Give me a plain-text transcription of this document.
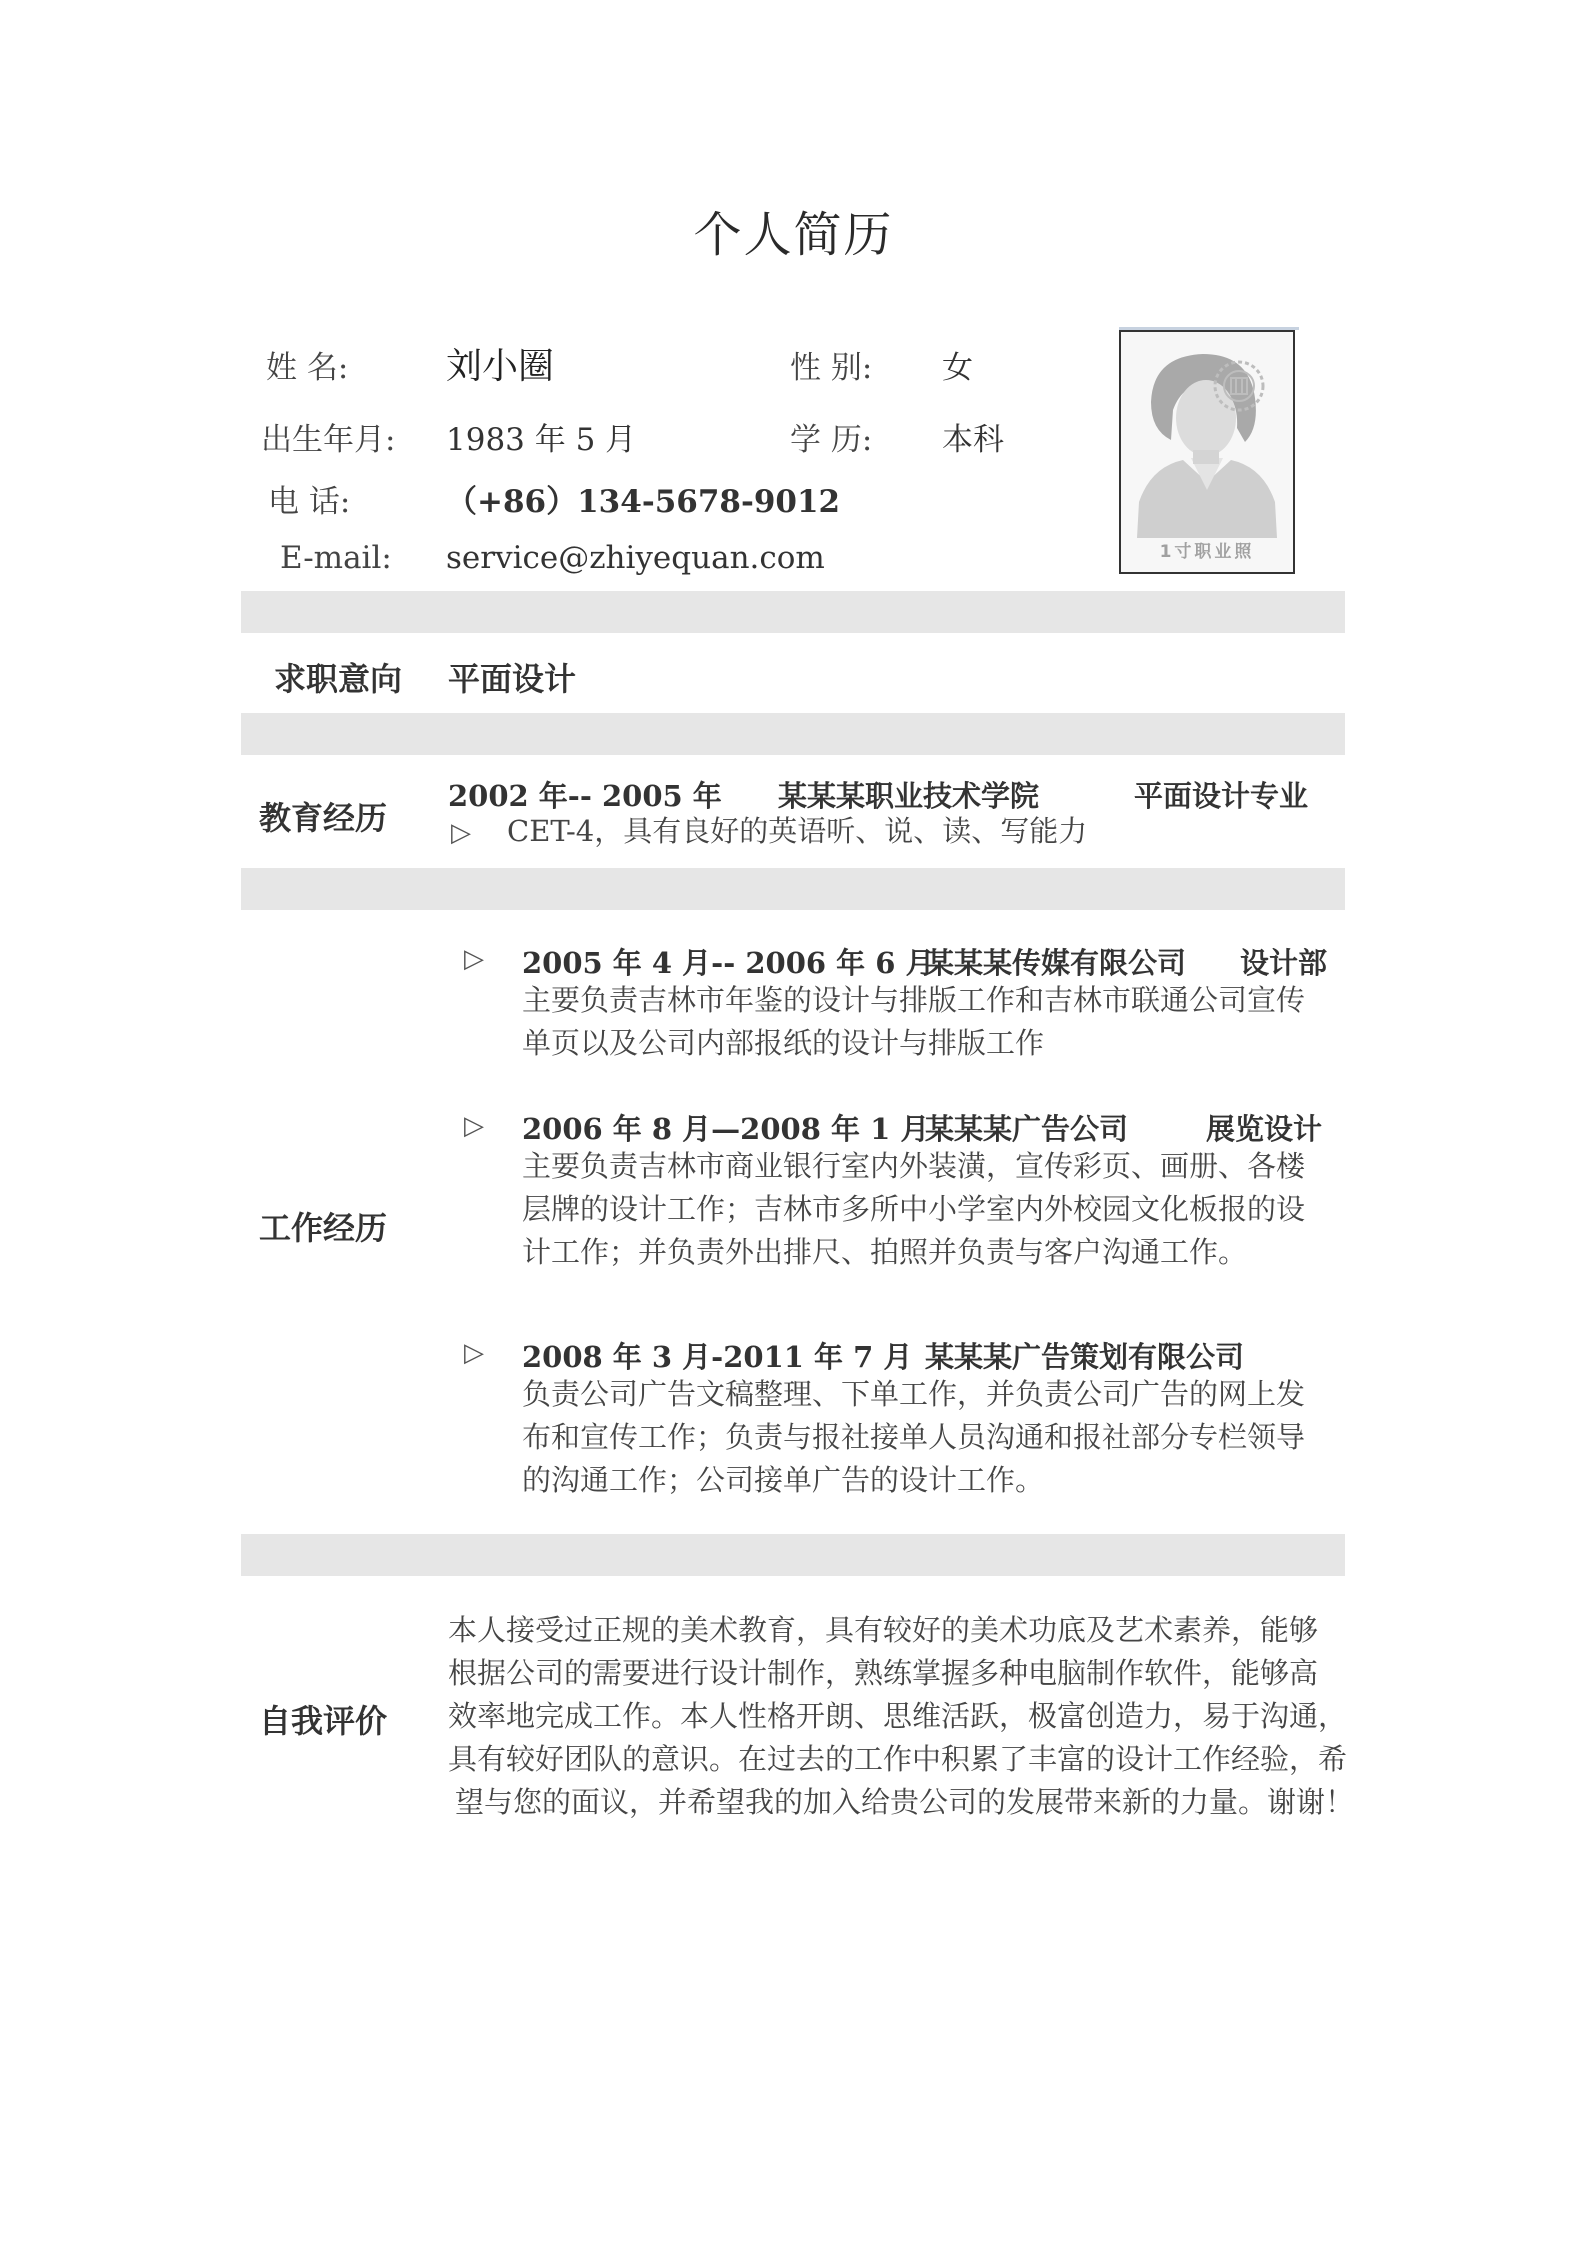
个人简历
姓 名:	刘小圈	性 别: 女
出生年月: 1983 年 5 月	学 历: 本科
电 话:	（+86）134-5678-9012
E-mail: service@zhiyequan.com	1寸职业照
求职意向 平面设计
教育经历
2002 年-- 2005 年 某某某职业技术学院	平面设计专业
▷ CET-4，具有良好的英语听、说、读、写能力
工作经历
▷ 2005 年 4 月-- 2006 年 6 月
某某某传媒有限公司 设计部
主要负责吉林市年鉴的设计与排版工作和吉林市联通公司宣传
单页以及公司内部报纸的设计与排版工作
▷ 2006 年 8 月—2008 年 1 月
某某某广告公司	展览设计
主要负责吉林市商业银行室内外装潢，宣传彩页、画册、各楼
层牌的设计工作；吉林市多所中小学室内外校园文化板报的设
计工作；并负责外出排尺、拍照并负责与客户沟通工作。
▷ 2008 年 3 月-2011 年 7 月 某某某广告策划有限公司
负责公司广告文稿整理、下单工作，并负责公司广告的网上发
布和宣传工作；负责与报社接单人员沟通和报社部分专栏领导
的沟通工作；公司接单广告的设计工作。
自我评价
本人接受过正规的美术教育，具有较好的美术功底及艺术素养，能够
根据公司的需要进行设计制作，熟练掌握多种电脑制作软件，能够高
效率地完成工作。本人性格开朗、思维活跃，极富创造力，易于沟通，
具有较好团队的意识。在过去的工作中积累了丰富的设计工作经验，希
望与您的面议，并希望我的加入给贵公司的发展带来新的力量。谢谢！
